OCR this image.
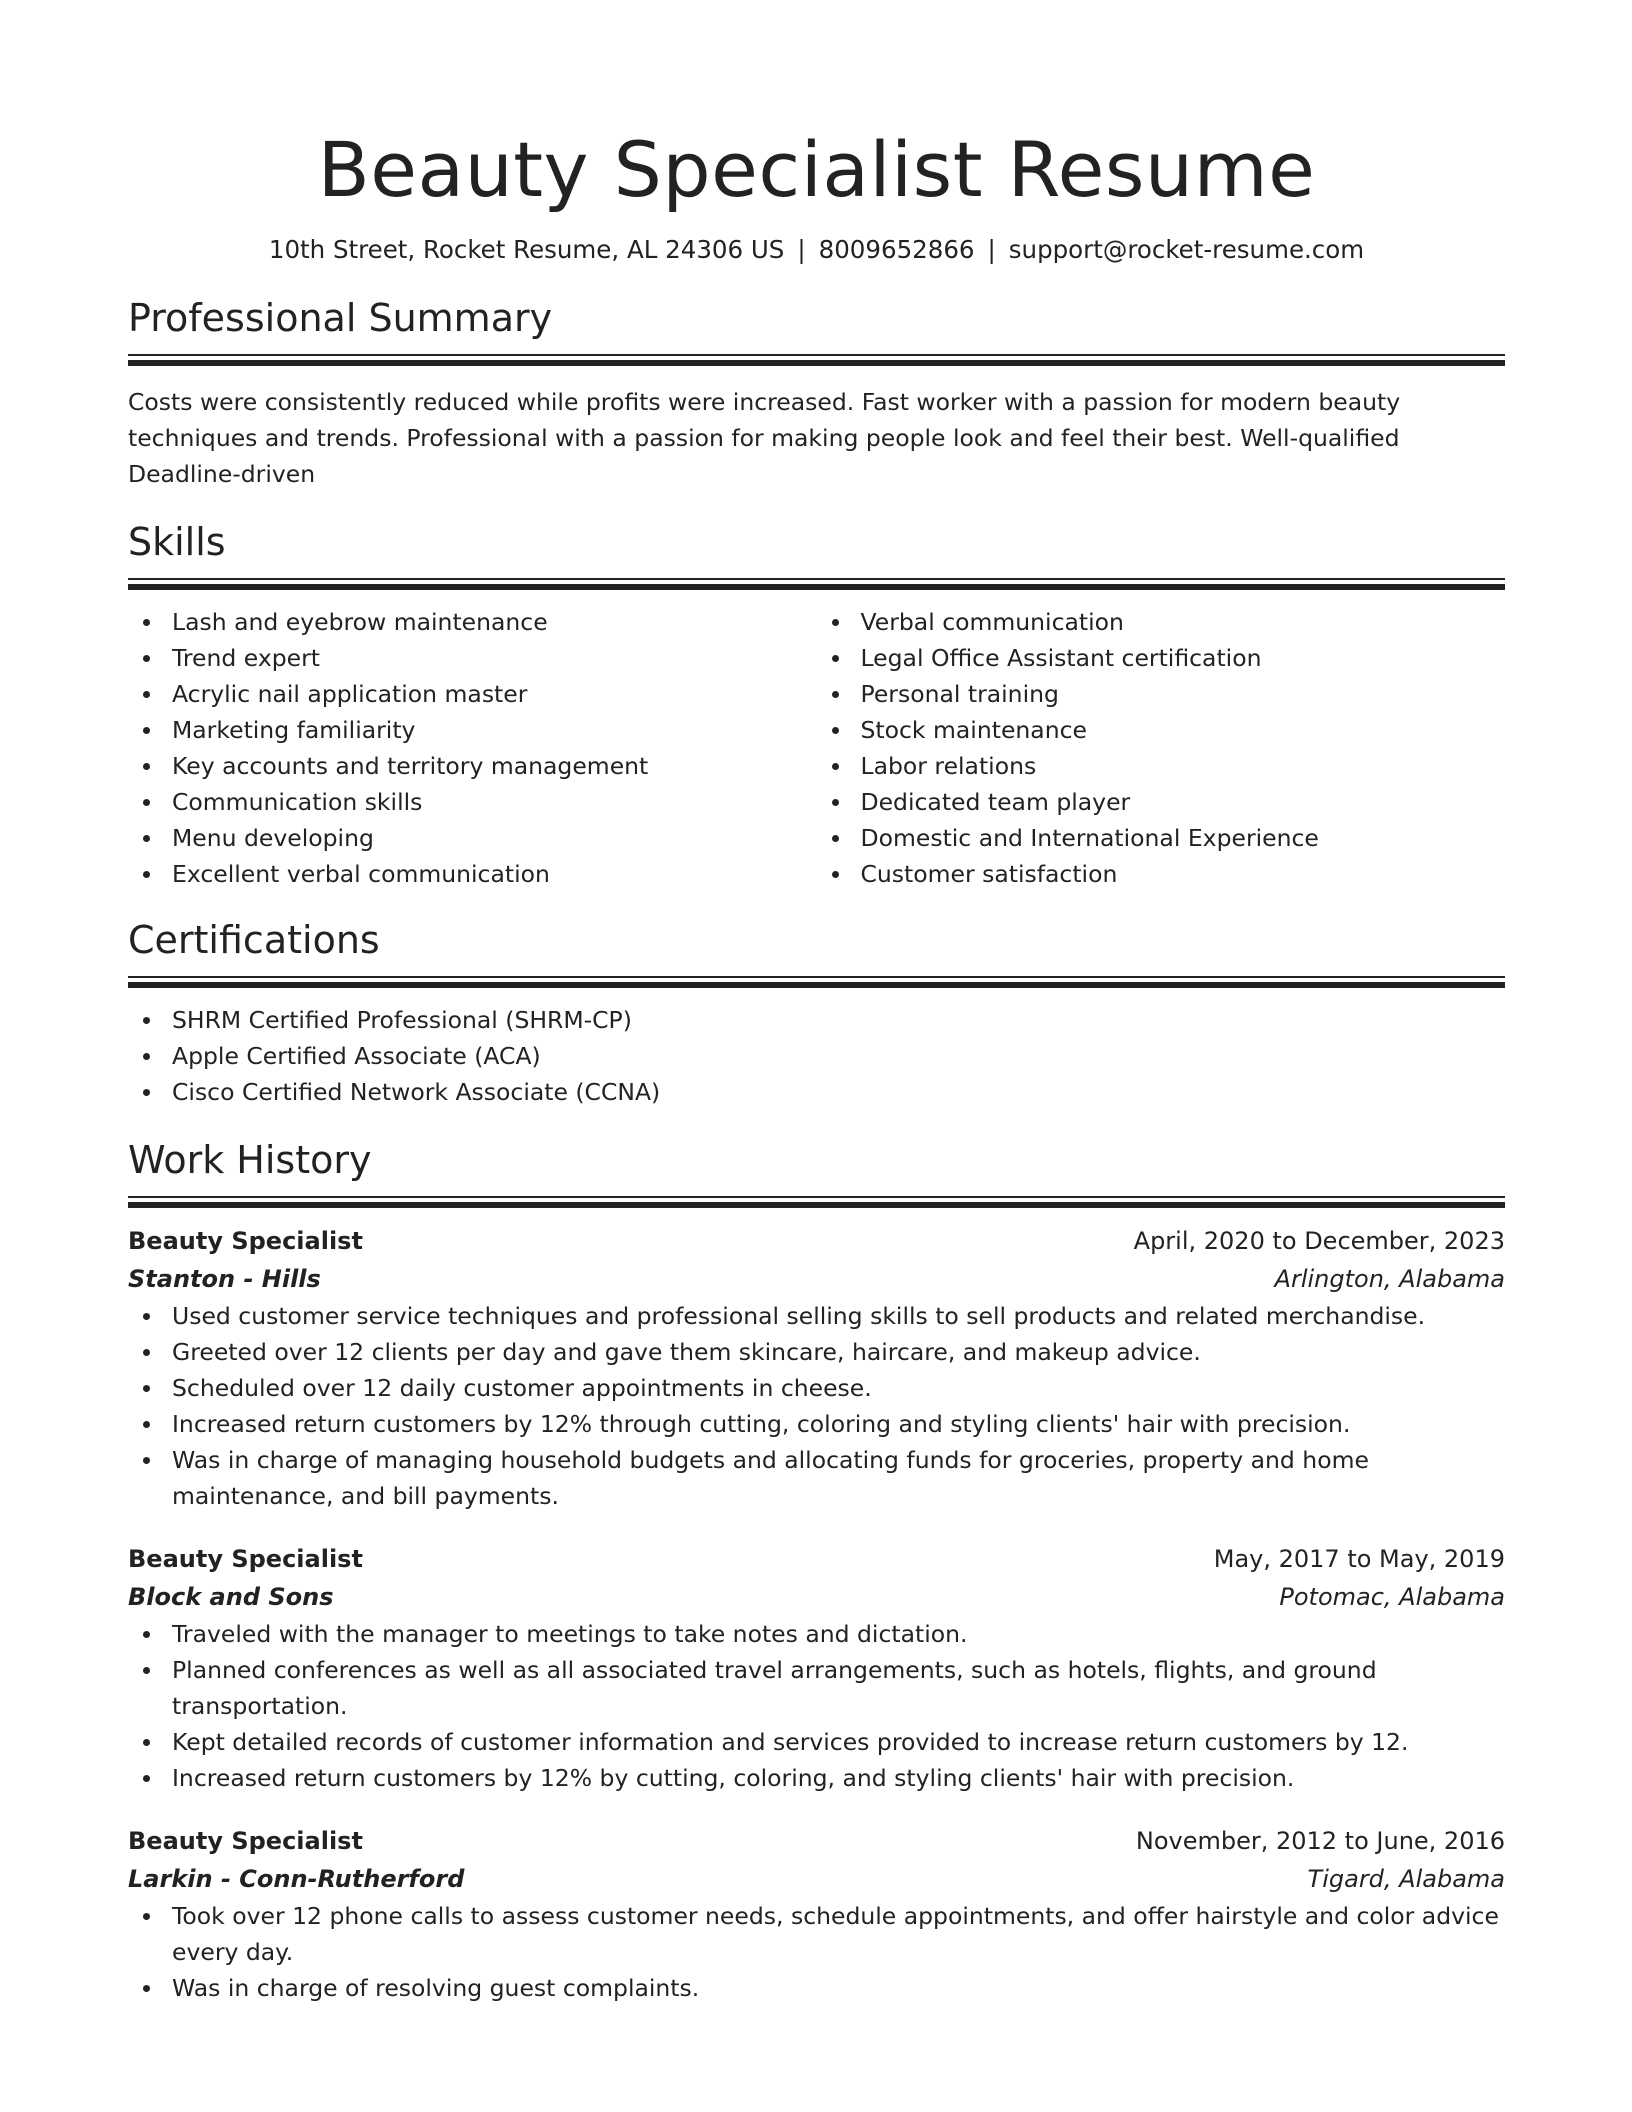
Beauty Specialist Resume
10th Street, Rocket Resume, AL 24306 US | 8009652866 | support@rocket-resume.com
Professional Summary

Costs were consistently reduced while profits were increased. Fast worker with a passion for modern beauty techniques and trends. Professional with a passion for making people look and feel their best. Well-qualified Deadline-driven

Skills
Lash and eyebrow maintenance
Trend expert
Acrylic nail application master
Marketing familiarity
Key accounts and territory management
Communication skills
Menu developing
Excellent verbal communication
Verbal communication
Legal Office Assistant certification
Personal training
Stock maintenance
Labor relations
Dedicated team player
Domestic and International Experience
Customer satisfaction
Certifications
SHRM Certified Professional (SHRM-CP)
Apple Certified Associate (ACA)
Cisco Certified Network Associate (CCNA)
Work History
Beauty Specialist	April, 2020 to December, 2023
Stanton - Hills	Arlington, Alabama
Used customer service techniques and professional selling skills to sell products and related merchandise.
Greeted over 12 clients per day and gave them skincare, haircare, and makeup advice.
Scheduled over 12 daily customer appointments in cheese.
Increased return customers by 12% through cutting, coloring and styling clients' hair with precision.
Was in charge of managing household budgets and allocating funds for groceries, property and home maintenance, and bill payments.
Beauty Specialist	May, 2017 to May, 2019
Block and Sons	Potomac, Alabama
Traveled with the manager to meetings to take notes and dictation.
Planned conferences as well as all associated travel arrangements, such as hotels, flights, and ground transportation.
Kept detailed records of customer information and services provided to increase return customers by 12.
Increased return customers by 12% by cutting, coloring, and styling clients' hair with precision.
Beauty Specialist	November, 2012 to June, 2016
Larkin - Conn-Rutherford	Tigard, Alabama
Took over 12 phone calls to assess customer needs, schedule appointments, and offer hairstyle and color advice every day.
Was in charge of resolving guest complaints.
